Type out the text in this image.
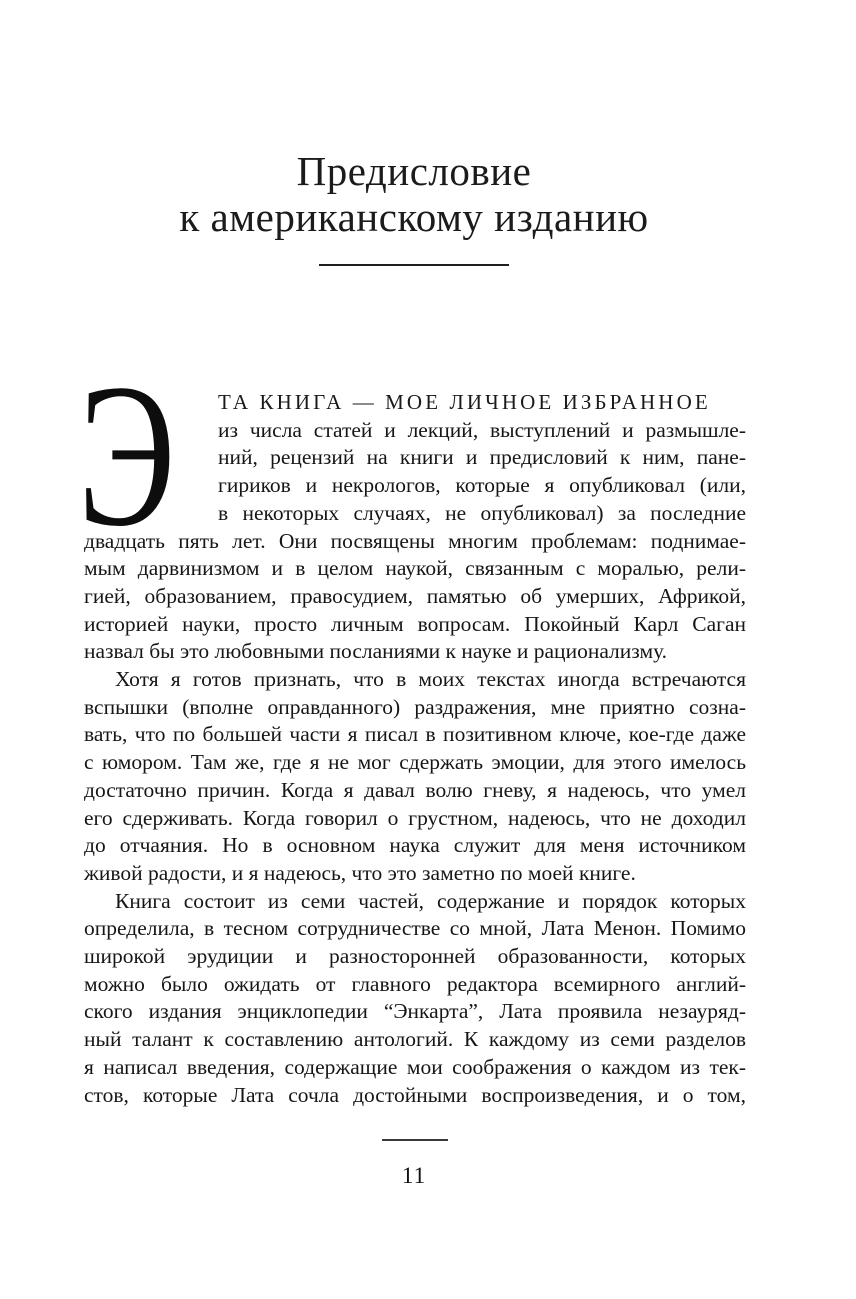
Предисловие
к американскому изданию
Э	ТА КНИГА — МОЕ ЛИЧНОЕ ИЗБРАННОЕ
из числа статей и лекций, выступлений и размышле-
ний, рецензий на книги и предисловий к ним, пане-
гириков и некрологов, которые я опубликовал (или,
в некоторых случаях, не опубликовал) за последние
двадцать пять лет. Они посвящены многим проблемам: поднимае-
мым дарвинизмом и в целом наукой, связанным с моралью, рели-
гией, образованием, правосудием, памятью об умерших, Африкой,
историей науки, просто личным вопросам. Покойный Карл Саган
назвал бы это любовными посланиями к науке и рационализму.
Хотя я готов признать, что в моих текстах иногда встречаются
вспышки (вполне оправданного) раздражения, мне приятно созна-
вать, что по большей части я писал в позитивном ключе, кое-где даже
с юмором. Там же, где я не мог сдержать эмоции, для этого имелось
достаточно причин. Когда я давал волю гневу, я надеюсь, что умел
его сдерживать. Когда говорил о грустном, надеюсь, что не доходил
до отчаяния. Но в основном наука служит для меня источником
живой радости, и я надеюсь, что это заметно по моей книге.
Книга состоит из семи частей, содержание и порядок которых
определила, в тесном сотрудничестве со мной, Лата Менон. Помимо
широкой эрудиции и разносторонней образованности, которых
можно было ожидать от главного редактора всемирного англий-
ского издания энциклопедии “Энкарта”, Лата проявила незауряд-
ный талант к составлению антологий. К каждому из семи разделов
я написал введения, содержащие мои соображения о каждом из тек-
стов, которые Лата сочла достойными воспроизведения, и о том,
11
